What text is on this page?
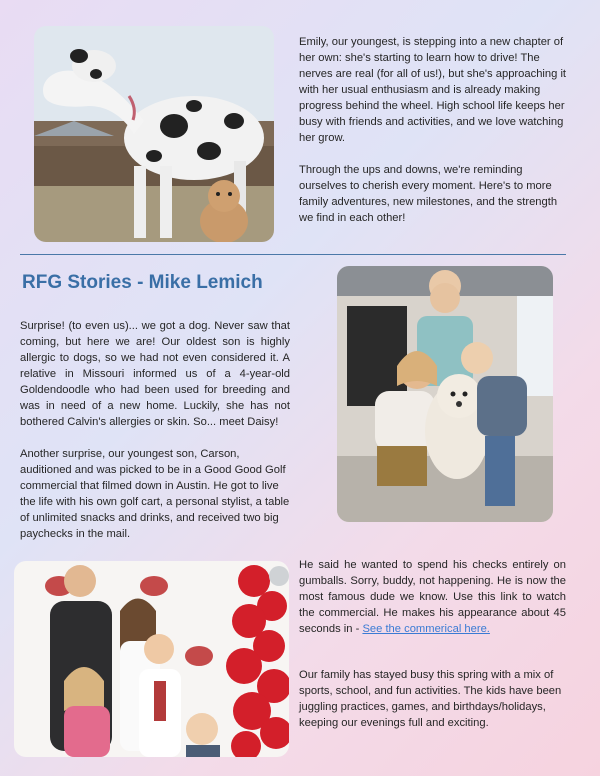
Emily, our youngest, is stepping into a new chapter of her own: she's starting to learn how to drive! The nerves are real (for all of us!), but she's approaching it with her usual enthusiasm and is already making progress behind the wheel. High school life keeps her busy with friends and activities, and we love watching her grow.

Through the ups and downs, we're reminding ourselves to cherish every moment. Here's to more family adventures, new milestones, and the strength we find in each other!

RFG Stories - Mike Lemich

Surprise! (to even us)... we got a dog. Never saw that coming, but here we are! Our oldest son is highly allergic to dogs, so we had not even considered it. A relative in Missouri informed us of a 4-year-old Goldendoodle who had been used for breeding and was in need of a new home. Luckily, she has not bothered Calvin's allergies or skin. So... meet Daisy!

Another surprise, our youngest son, Carson, auditioned and was picked to be in a Good Good Golf commercial that filmed down in Austin. He got to live the life with his own golf cart, a personal stylist, a table of unlimited snacks and drinks, and received two big paychecks in the mail.

He said he wanted to spend his checks entirely on gumballs. Sorry, buddy, not happening. He is now the most famous dude we know. Use this link to watch the commercial. He makes his appearance about 45 seconds in - See the commerical here.

Our family has stayed busy this spring with a mix of sports, school, and fun activities. The kids have been juggling practices, games, and birthdays/holidays, keeping our evenings full and exciting.
